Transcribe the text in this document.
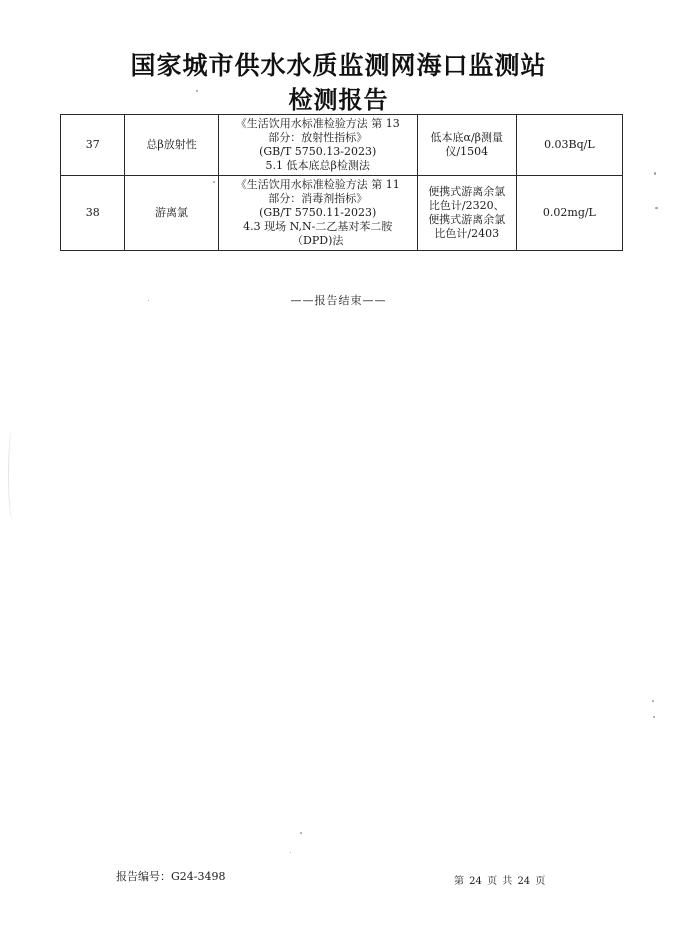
国家城市供水水质监测网海口监测站
检测报告
37	总β放射性	《生活饮用水标准检验方法 第 13
部分：放射性指标》
(GB/T 5750.13-2023)
5.1 低本底总β检测法	低本底α/β测量
仪/1504	0.03Bq/L
38	游离氯	《生活饮用水标准检验方法 第 11
部分：消毒剂指标》
(GB/T 5750.11-2023)
4.3 现场 N,N-二乙基对苯二胺
（DPD)法	便携式游离余氯
比色计/2320、
便携式游离余氯
比色计/2403	0.02mg/L
——报告结束——
报告编号：G24-3498	第 24 页 共 24 页
